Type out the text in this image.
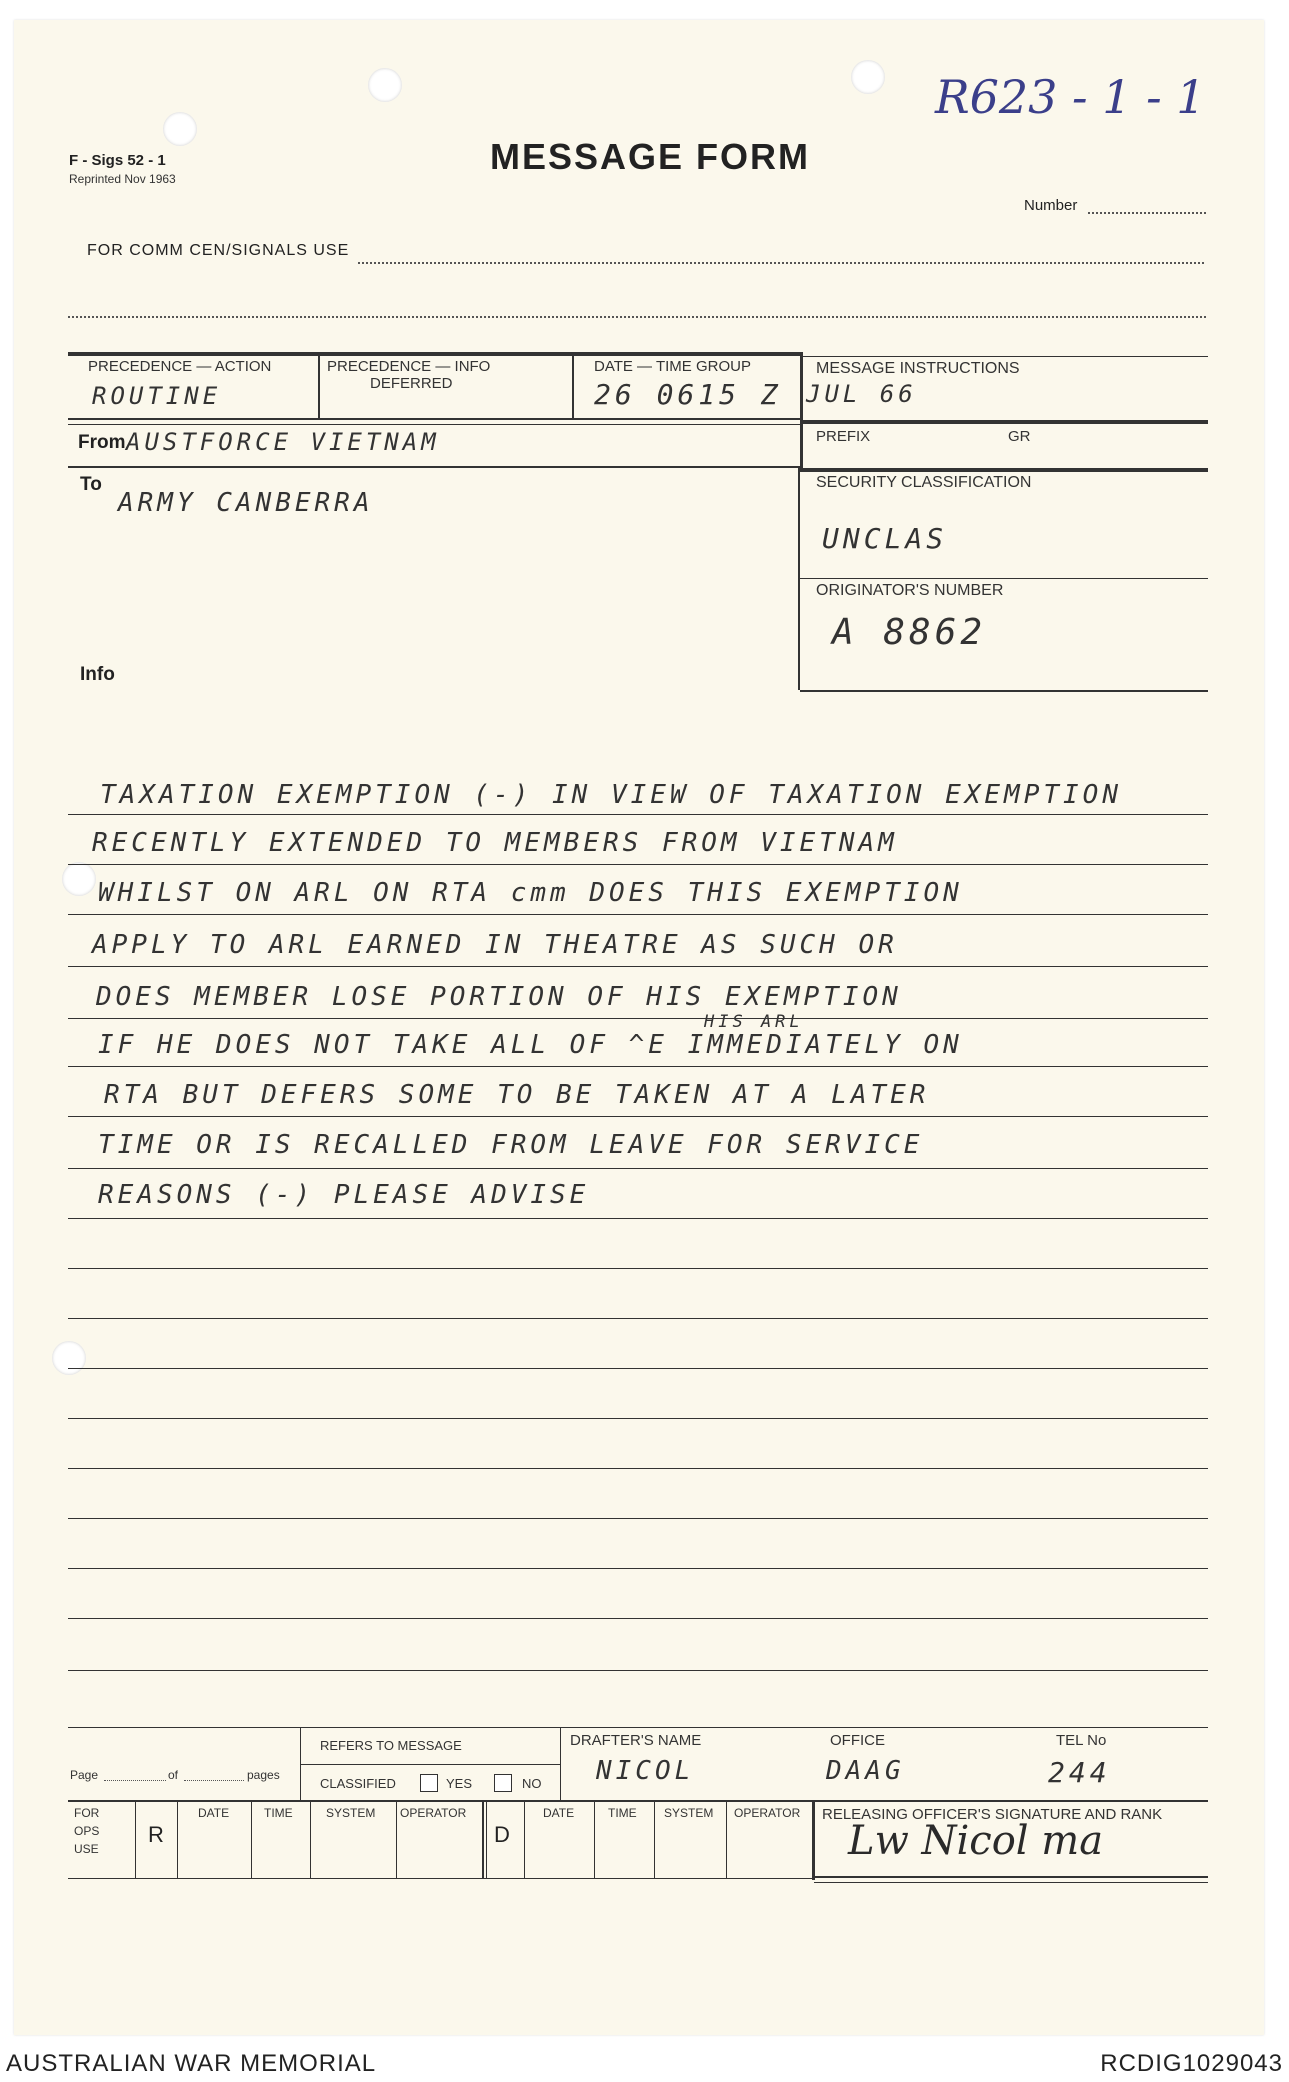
F - Sigs 52 - 1
Reprinted Nov 1963
MESSAGE FORM
R623 - 1 - 1
Number
FOR COMM CEN/SIGNALS USE
PRECEDENCE — ACTION
ROUTINE
PRECEDENCE — INFO
DEFERRED
DATE — TIME GROUP
26 0615 Z
MESSAGE INSTRUCTIONS
JUL 66
PREFIX	GR
From AUSTFORCE VIETNAM
To
ARMY CANBERRA
Info
SECURITY CLASSIFICATION
UNCLAS
ORIGINATOR'S NUMBER
A 8862
TAXATION EXEMPTION (-) IN VIEW OF TAXATION EXEMPTION
RECENTLY EXTENDED TO MEMBERS FROM VIETNAM
WHILST ON ARL ON RTA cmm DOES THIS EXEMPTION
APPLY TO ARL EARNED IN THEATRE AS SUCH OR
DOES MEMBER LOSE PORTION OF HIS EXEMPTION
IF HE DOES NOT TAKE ALL OF ^E IMMEDIATELY ON
HIS ARL
RTA BUT DEFERS SOME TO BE TAKEN AT A LATER
TIME OR IS RECALLED FROM LEAVE FOR SERVICE
REASONS (-) PLEASE ADVISE
Page	of	pages
REFERS TO MESSAGE
CLASSIFIED	YES	NO
DRAFTER'S NAME
NICOL
OFFICE
DAAG
TEL No
244
FOR
OPS
USE
R
DATE	TIME	SYSTEM OPERATOR
D
DATE	TIME SYSTEM OPERATOR RELEASING OFFICER'S SIGNATURE AND RANK
Lw Nicol ma
AUSTRALIAN WAR MEMORIAL	RCDIG1029043
